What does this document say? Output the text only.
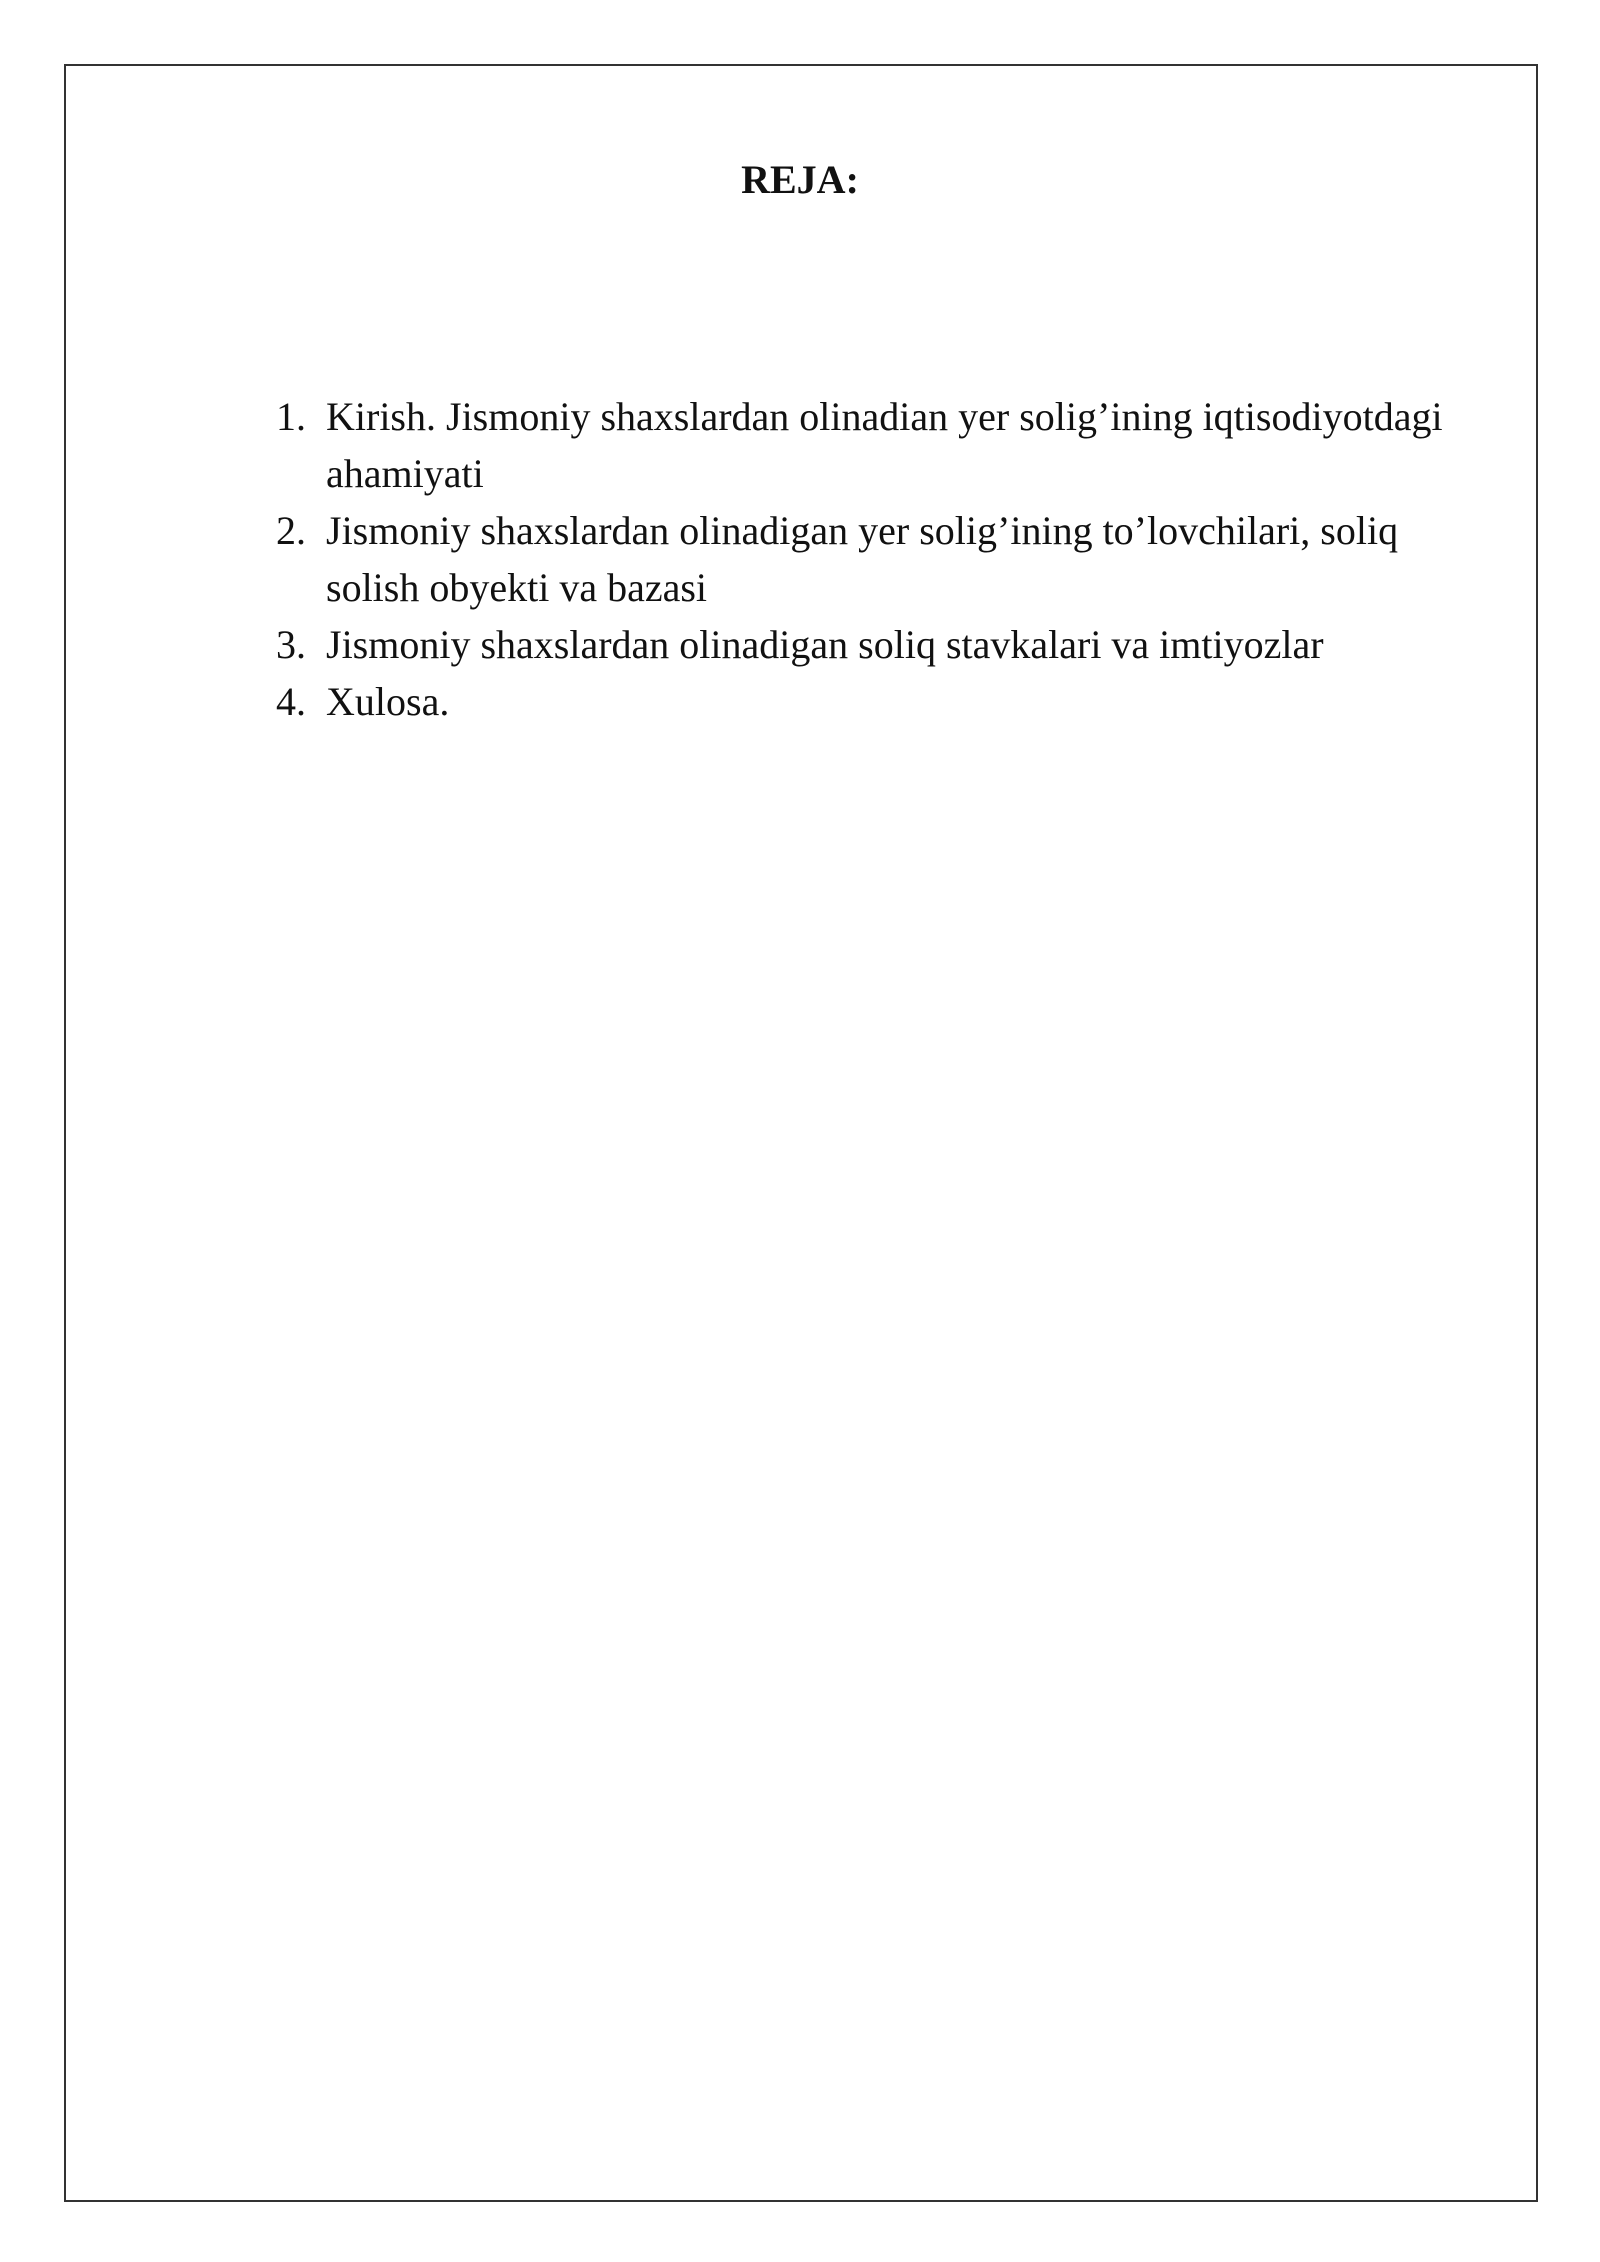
REJA:
1. Kirish. Jismoniy shaxslardan olinadian yer solig’ining iqtisodiyotdagi ahamiyati
2. Jismoniy shaxslardan olinadigan yer solig’ining to’lovchilari, soliq solish obyekti va bazasi
3. Jismoniy shaxslardan olinadigan soliq stavkalari va imtiyozlar
4. Xulosa.
